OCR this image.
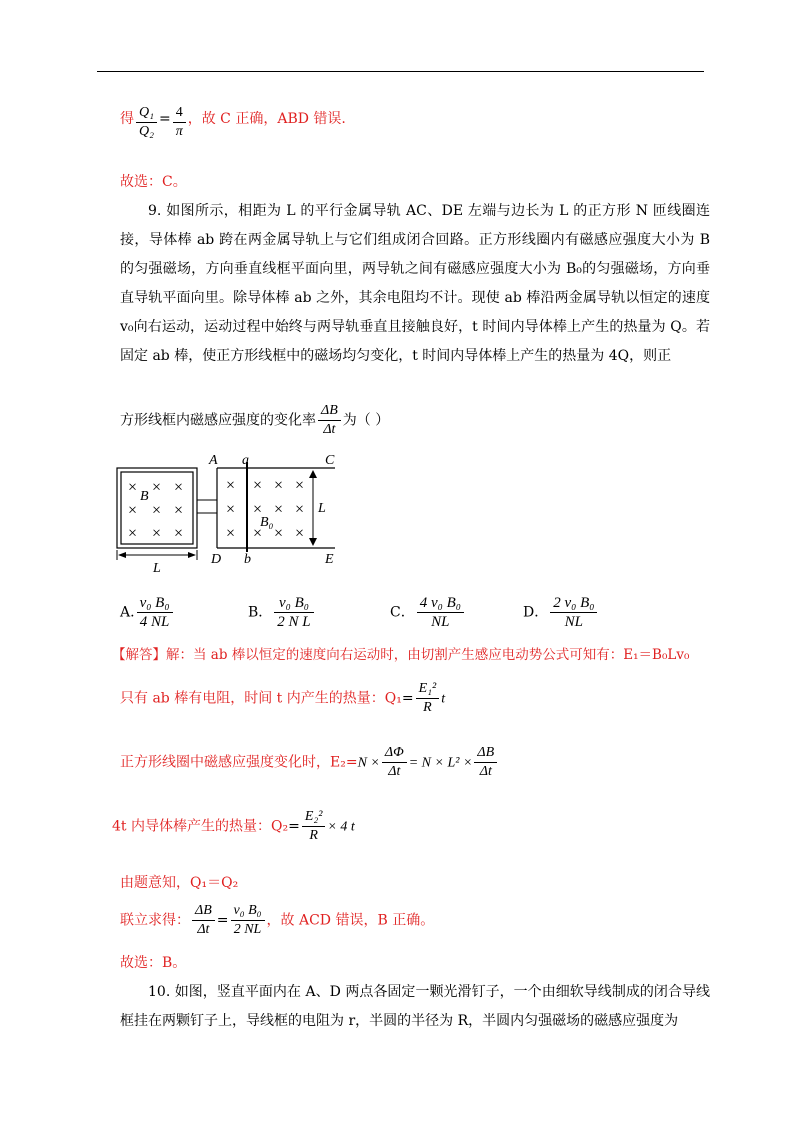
得 $\frac{\text{Q₁}}{\text{Q₂}} = \frac{4}{\pi}$ ，故 C 正确，ABD 错误.
故选：C。
9. 如图所示，相距为 L 的平行金属导轨 AC、DE 左端与边长为 L 的正方形 N 匝线圈连接，导体棒 ab 跨在两金属导轨上与它们组成闭合回路。正方形线圈内有磁感应强度大小为 B 的匀强磁场，方向垂直线框平面向里，两导轨之间有磁感应强度大小为 B₀的匀强磁场，方向垂直导轨平面向里。除导体棒 ab 之外，其余电阻均不计。现使 ab 棒沿两金属导轨以恒定的速度 v₀向右运动，运动过程中始终与两导轨垂直且接触良好，t 时间内导体棒上产生的热量为 Q。若固定 ab 棒，使正方形线框中的磁场均匀变化，t 时间内导体棒上产生的热量为 4Q，则正
方形线框内磁感应强度的变化率 $\frac{\Delta B}{\Delta t}$ 为（ ）
× × ×
× × ×
× × ×
×
×
×
× × ×
× × ×
× × ×
A a	C
D b	E
B
B₀
L
L
A. $\frac{\text{v₀ B₀}}{4 NL}$	B． $\frac{\text{v₀ B₀}}{\text{2 N L}}$	C． $\frac{\text{4 v₀ B₀}}{NL}$	D． $\frac{\text{2 v₀ B₀}}{NL}$
【解答】解：当 ab 棒以恒定的速度向右运动时，由切割产生感应电动势公式可知有：E₁＝B₀Lv₀
只有 ab 棒有电阻，时间 t 内产生的热量：$Q_1= \frac{\text{E₁²}}{R}$ t
正方形线圈中磁感应强度变化时，$E_2=N \times \frac{\Delta\Phi}{\Delta t} = N \times L^2 \times \frac{\Delta B}{\Delta t}$
4t 内导体棒产生的热量：$Q_2= \frac{\text{E₂²}}{R} \times 4$ t
由题意知，Q₁＝Q₂
联立求得： $\frac{\Delta B}{\Delta t} = \frac{\text{v₀ B₀}}{2 NL}$ ，故 ACD 错误，B 正确。
故选：B。
10. 如图，竖直平面内在 A、D 两点各固定一颗光滑钉子，一个由细软导线制成的闭合导线框挂在两颗钉子上，导线框的电阻为 r，半圆的半径为 R，半圆内匀强磁场的磁感应强度为
